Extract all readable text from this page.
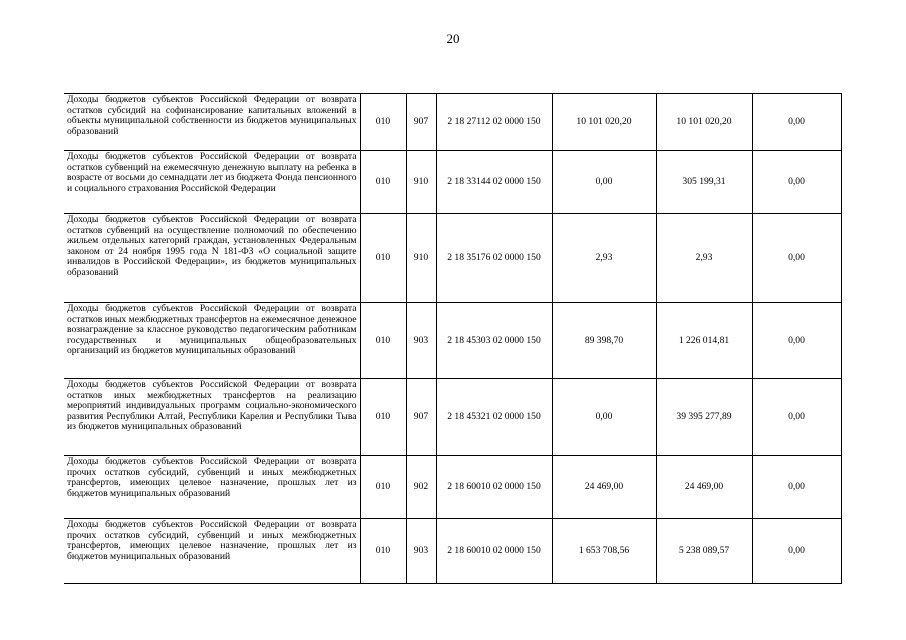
20
Доходы бюджетов субъектов Российской Федерации от возврата остатков субсидий на софинансирование капитальных вложений в объекты муниципальной собственности из бюджетов муниципальных образований	010	907	2 18 27112 02 0000 150	10 101 020,20	10 101 020,20	0,00
Доходы бюджетов субъектов Российской Федерации от возврата остатков субвенций на ежемесячную денежную выплату на ребенка в возрасте от восьми до семнадцати лет из бюджета Фонда пенсионного и социального страхования Российской Федерации	010	910	2 18 33144 02 0000 150	0,00	305 199,31	0,00
Доходы бюджетов субъектов Российской Федерации от возврата остатков субвенций на осуществление полномочий по обеспечению жильем отдельных категорий граждан, установленных Федеральным законом от 24 ноября 1995 года N 181-ФЗ «О социальной защите инвалидов в Российской Федерации», из бюджетов муниципальных образований	010	910	2 18 35176 02 0000 150	2,93	2,93	0,00
Доходы бюджетов субъектов Российской Федерации от возврата остатков иных межбюджетных трансфертов на ежемесячное денежное вознаграждение за классное руководство педагогическим работникам государственных и муниципальных общеобразовательных организаций из бюджетов муниципальных образований	010	903	2 18 45303 02 0000 150	89 398,70	1 226 014,81	0,00
Доходы бюджетов субъектов Российской Федерации от возврата остатков иных межбюджетных трансфертов на реализацию мероприятий индивидуальных программ социально-экономического развития Республики Алтай, Республики Карелия и Республики Тыва из бюджетов муниципальных образований	010	907	2 18 45321 02 0000 150	0,00	39 395 277,89	0,00
Доходы бюджетов субъектов Российской Федерации от возврата прочих остатков субсидий, субвенций и иных межбюджетных трансфертов, имеющих целевое назначение, прошлых лет из бюджетов муниципальных образований	010	902	2 18 60010 02 0000 150	24 469,00	24 469,00	0,00
Доходы бюджетов субъектов Российской Федерации от возврата прочих остатков субсидий, субвенций и иных межбюджетных трансфертов, имеющих целевое назначение, прошлых лет из бюджетов муниципальных образований	010	903	2 18 60010 02 0000 150	1 653 708,56	5 238 089,57	0,00
